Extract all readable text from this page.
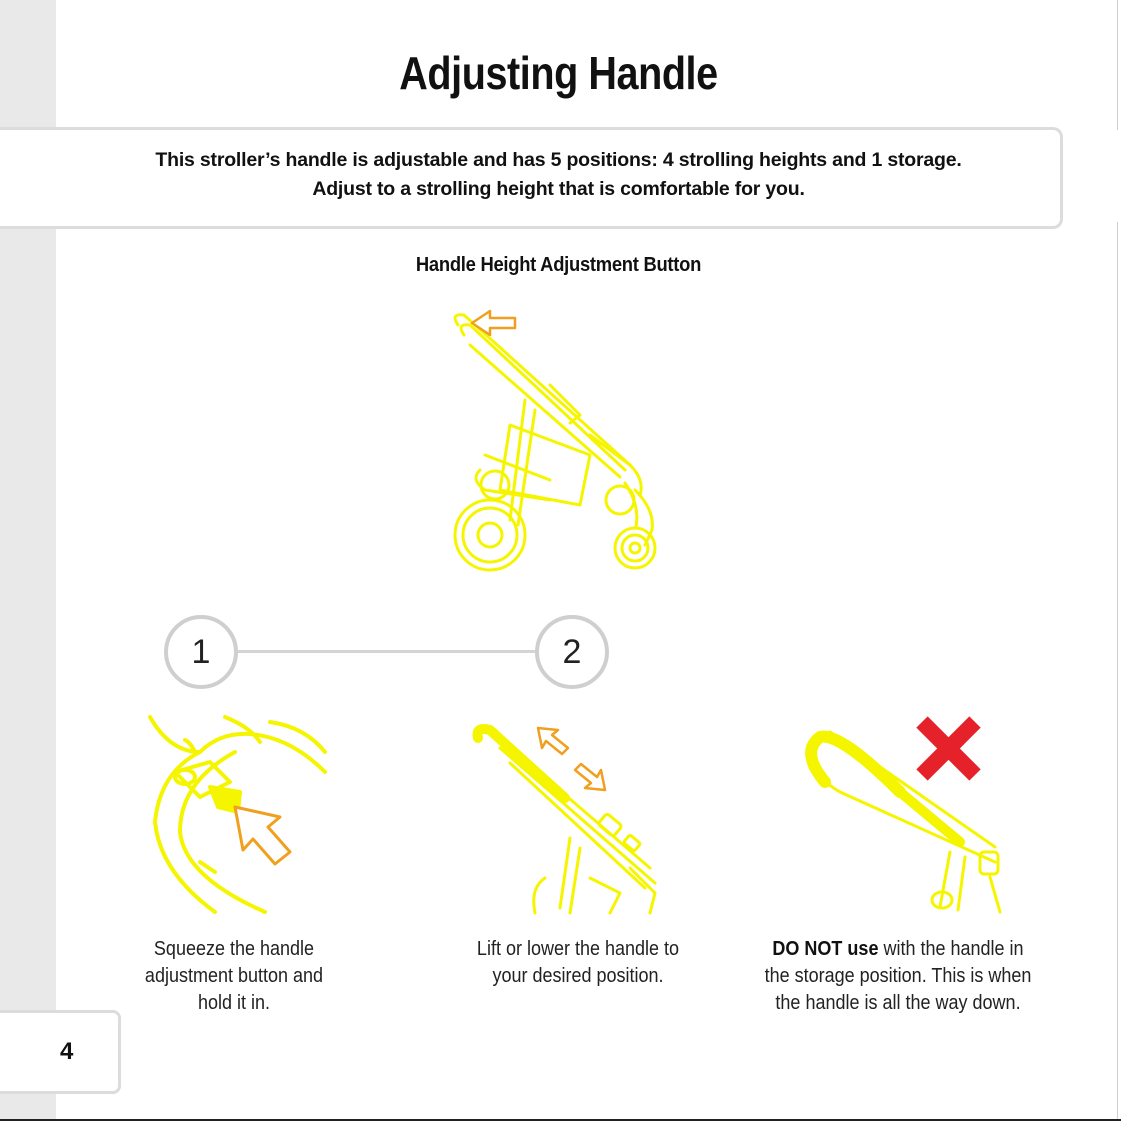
Adjusting Handle
This stroller’s handle is adjustable and has 5 positions: 4 strolling heights and 1 storage.
Adjust to a strolling height that is comfortable for you.
Handle Height Adjustment Button
1	2
Squeeze the handle adjustment button and hold it in.
Lift or lower the handle to your desired position.
DO NOT use with the handle in the storage position. This is when the handle is all the way down.
4
